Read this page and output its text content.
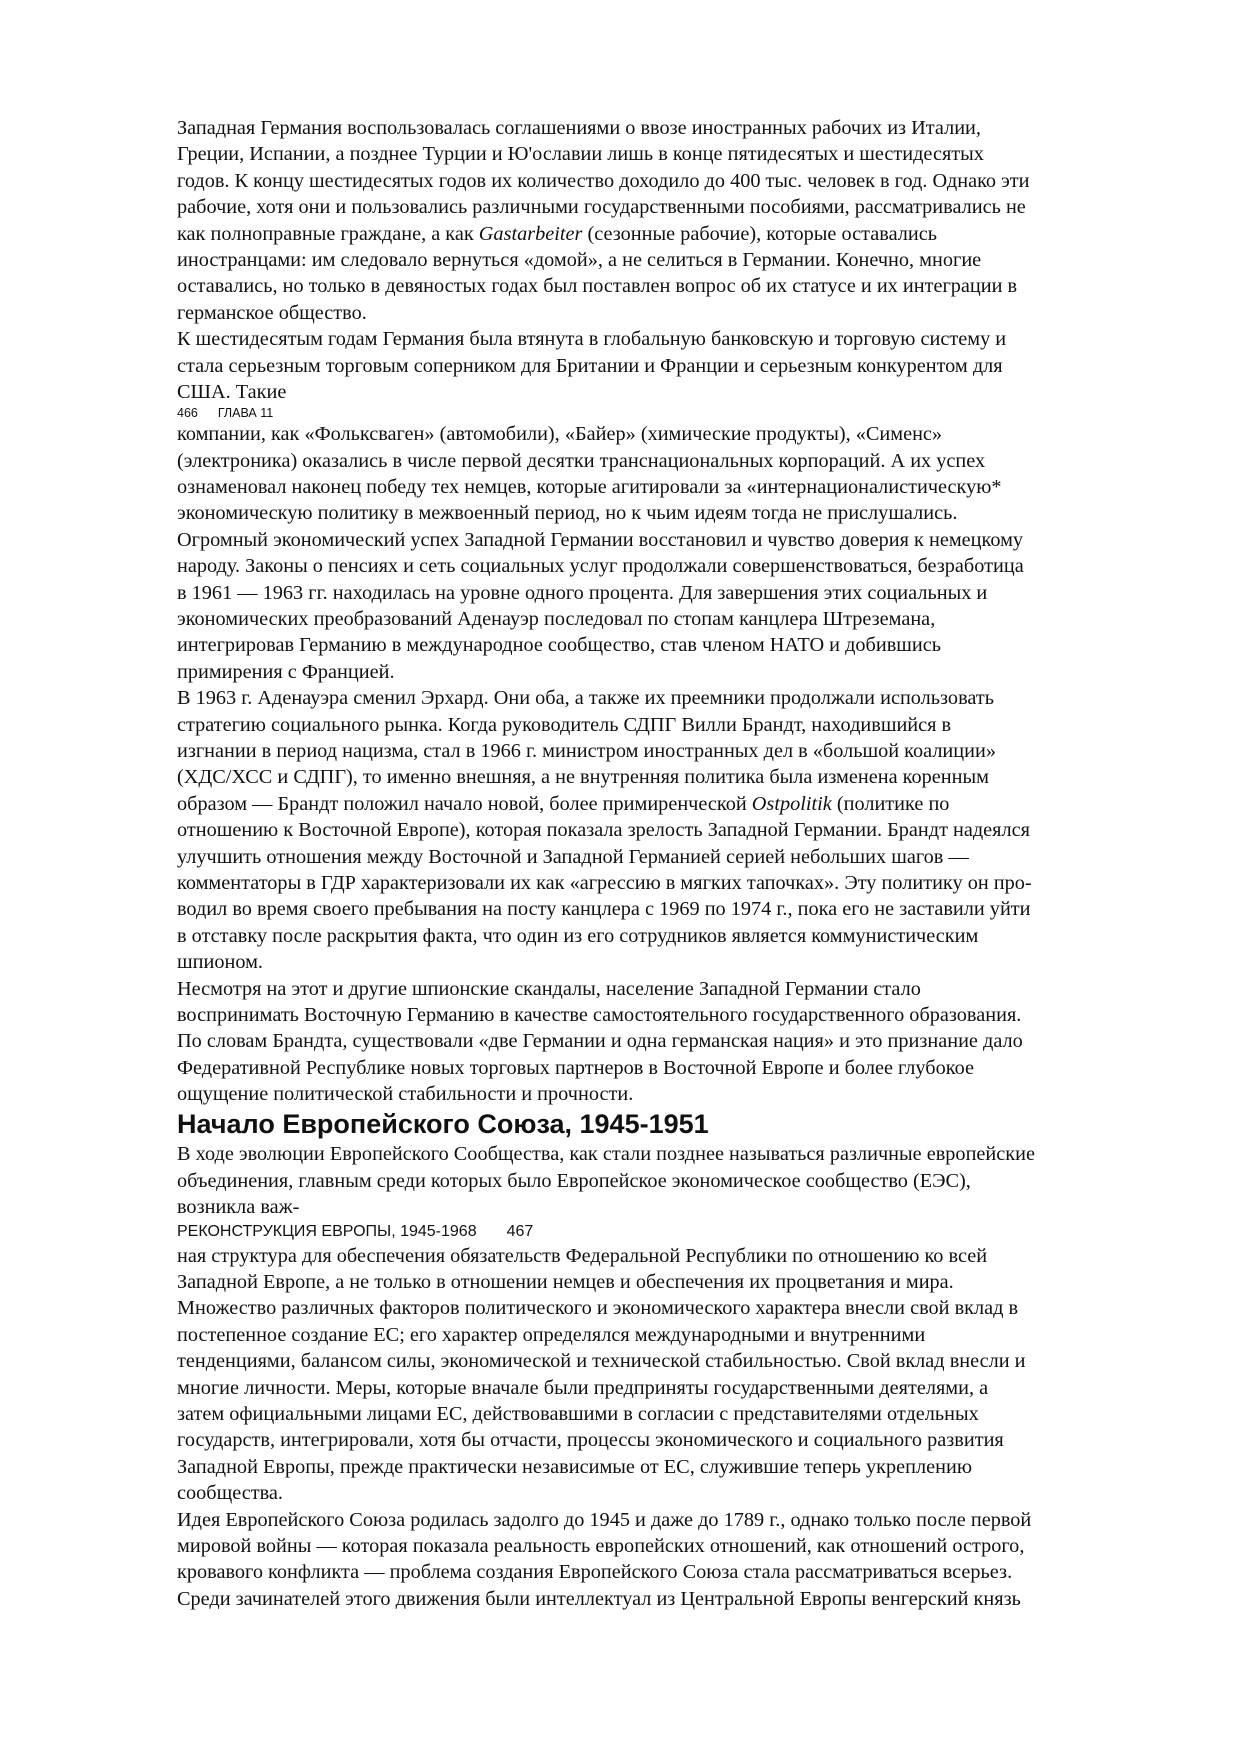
Западная Германия воспользовалась соглашениями о ввозе иностранных рабочих из Италии,
Греции, Испании, а позднее Турции и Ю'ославии лишь в конце пятидесятых и шестидесятых
годов. К концу шестидесятых годов их количество доходило до 400 тыс. человек в год. Однако эти
рабочие, хотя они и пользовались различными государственными пособиями, рассматривались не
как полноправные граждане, а как Gastarbeiter (сезонные рабочие), которые оставались
иностранцами: им следовало вернуться «домой», а не селиться в Германии. Конечно, многие
оставались, но только в девяностых годах был поставлен вопрос об их статусе и их интеграции в
германское общество.

К шестидесятым годам Германия была втянута в глобальную банковскую и торговую систему и
стала серьезным торговым соперником для Британии и Франции и серьезным конкурентом для
США. Такие

466 ГЛАВА 11

компании, как «Фольксваген» (автомобили), «Байер» (химические продукты), «Сименс»
(электроника) оказались в числе первой десятки транснациональных корпораций. А их успех
ознаменовал наконец победу тех немцев, которые агитировали за «интернационалистическую*
экономическую политику в межвоенный период, но к чьим идеям тогда не прислушались.
Огромный экономический успех Западной Германии восстановил и чувство доверия к немецкому
народу. Законы о пенсиях и сеть социальных услуг продолжали совершенствоваться, безработица
в 1961 — 1963 гг. находилась на уровне одного процента. Для завершения этих социальных и
экономических преобразований Аденауэр последовал по стопам канцлера Штреземана,
интегрировав Германию в международное сообщество, став членом НАТО и добившись
примирения с Францией.

В 1963 г. Аденауэра сменил Эрхард. Они оба, а также их преемники продолжали использовать
стратегию социального рынка. Когда руководитель СДПГ Вилли Брандт, находившийся в
изгнании в период нацизма, стал в 1966 г. министром иностранных дел в «большой коалиции»
(ХДС/ХСС и СДПГ), то именно внешняя, а не внутренняя политика была изменена коренным
образом — Брандт положил начало новой, более примиренческой Ostpolitik (политике по
отношению к Восточной Европе), которая показала зрелость Западной Германии. Брандт надеялся
улучшить отношения между Восточной и Западной Германией серией небольших шагов —
комментаторы в ГДР характеризовали их как «агрессию в мягких тапочках». Эту политику он про-
водил во время своего пребывания на посту канцлера с 1969 по 1974 г., пока его не заставили уйти
в отставку после раскрытия факта, что один из его сотрудников является коммунистическим
шпионом.

Несмотря на этот и другие шпионские скандалы, население Западной Германии стало
воспринимать Восточную Германию в качестве самостоятельного государственного образования.
По словам Брандта, существовали «две Германии и одна германская нация» и это признание дало
Федеративной Республике новых торговых партнеров в Восточной Европе и более глубокое
ощущение политической стабильности и прочности.

Начало Европейского Союза, 1945-1951

В ходе эволюции Европейского Сообщества, как стали позднее называться различные европейские
объединения, главным среди которых было Европейское экономическое сообщество (ЕЭС),
возникла важ-

РЕКОНСТРУКЦИЯ ЕВРОПЫ, 1945-1968 467

ная структура для обеспечения обязательств Федеральной Республики по отношению ко всей
Западной Европе, а не только в отношении немцев и обеспечения их процветания и мира.
Множество различных факторов политического и экономического характера внесли свой вклад в
постепенное создание ЕС; его характер определялся международными и внутренними
тенденциями, балансом силы, экономической и технической стабильностью. Свой вклад внесли и
многие личности. Меры, которые вначале были предприняты государственными деятелями, а
затем официальными лицами ЕС, действовавшими в согласии с представителями отдельных
государств, интегрировали, хотя бы отчасти, процессы экономического и социального развития
Западной Европы, прежде практически независимые от ЕС, служившие теперь укреплению
сообщества.

Идея Европейского Союза родилась задолго до 1945 и даже до 1789 г., однако только после первой
мировой войны — которая показала реальность европейских отношений, как отношений острого,
кровавого конфликта — проблема создания Европейского Союза стала рассматриваться всерьез.
Среди зачинателей этого движения были интеллектуал из Центральной Европы венгерский князь
